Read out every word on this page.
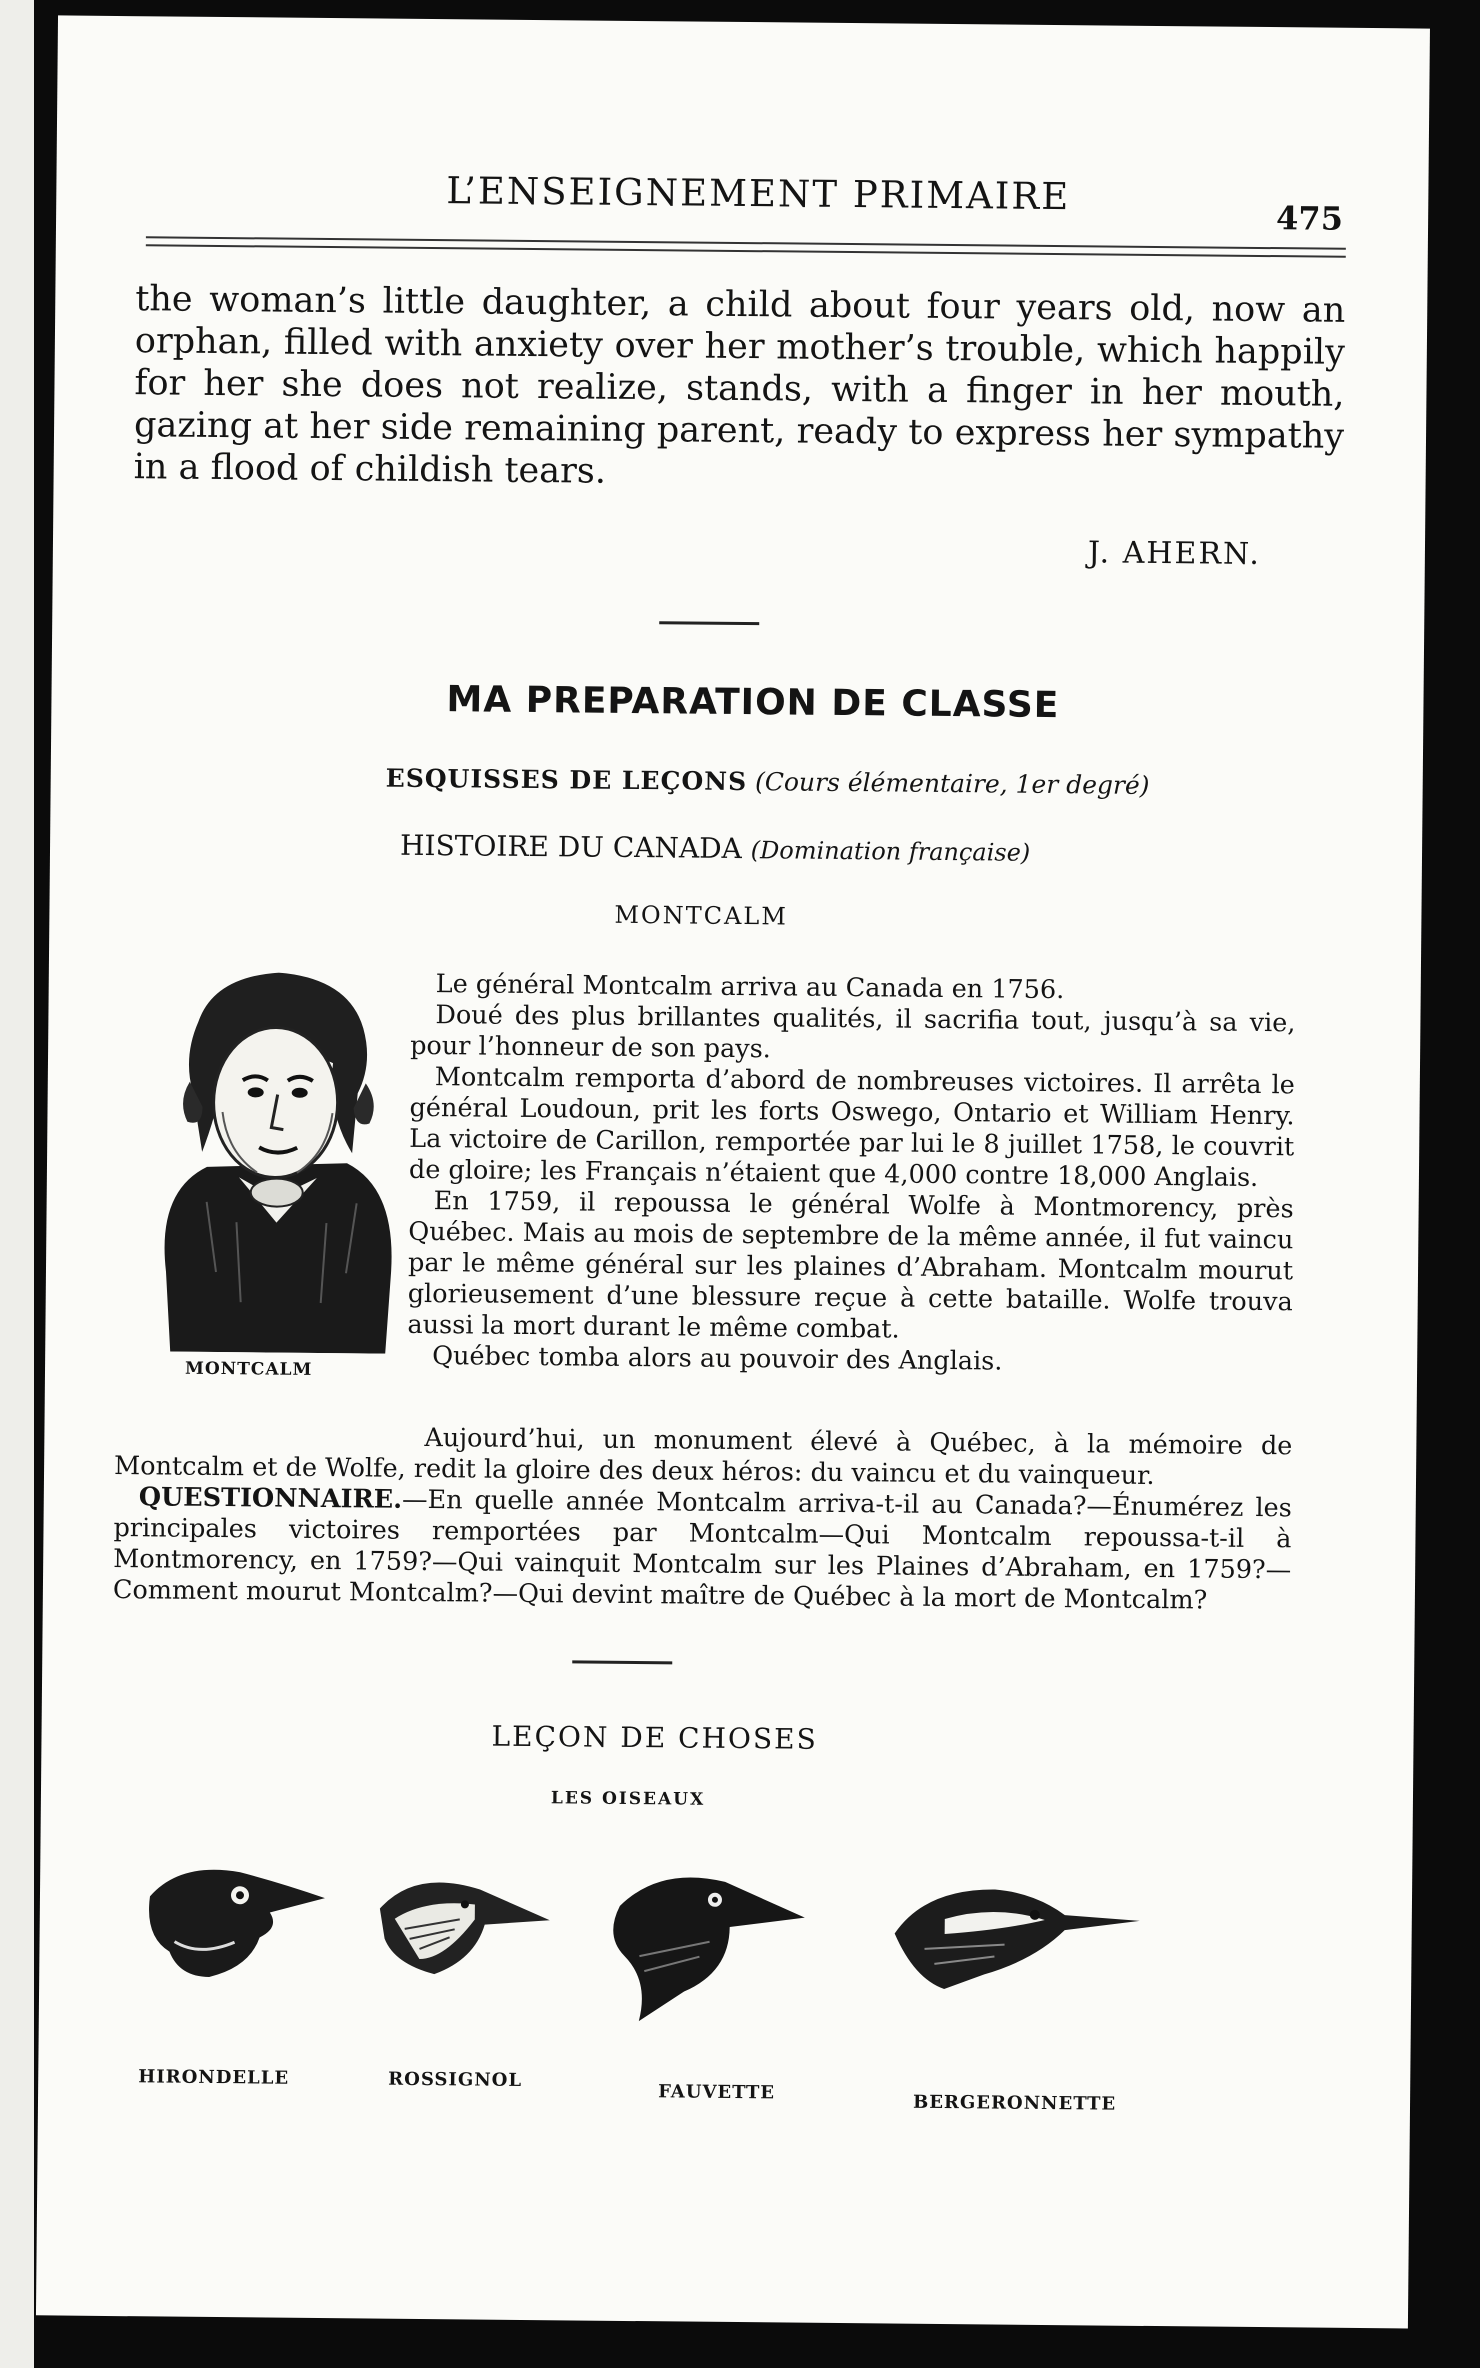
L’ENSEIGNEMENT PRIMAIRE
475
the woman’s little daughter, a child about four years old, now an orphan, filled with anxiety over her mother’s trouble, which happily for her she does not realize, stands, with a finger in her mouth, gazing at her side remaining parent, ready to express her sympathy in a flood of childish tears.
J. AHERN.
MA PREPARATION DE CLASSE
ESQUISSES DE LEÇONS (Cours élémentaire, 1er degré)
HISTOIRE DU CANADA (Domination française)
MONTCALM
MONTCALM

Le général Montcalm arriva au Canada en 1756.

Doué des plus brillantes qualités, il sacrifia tout, jusqu’à sa vie, pour l’honneur de son pays.

Montcalm remporta d’abord de nombreuses victoires. Il arrêta le général Loudoun, prit les forts Oswego, Ontario et William Henry. La victoire de Carillon, remportée par lui le 8 juillet 1758, le couvrit de gloire; les Français n’étaient que 4,000 contre 18,000 Anglais.

En 1759, il repoussa le général Wolfe à Montmorency, près Québec. Mais au mois de septembre de la même année, il fut vaincu par le même général sur les plaines d’Abraham. Montcalm mourut glorieusement d’une blessure reçue à cette bataille. Wolfe trouva aussi la mort durant le même combat.

Québec tomba alors au pouvoir des Anglais.

Aujourd’hui, un monument élevé à Québec, à la mémoire de Montcalm et de Wolfe, redit la gloire des deux héros: du vaincu et du vainqueur.

QUESTIONNAIRE.—En quelle année Montcalm arriva-t-il au Canada?—Énumérez les principales victoires remportées par Montcalm—Qui Montcalm repoussa-t-il à Montmorency, en 1759?—Qui vainquit Montcalm sur les Plaines d’Abraham, en 1759?—Comment mourut Montcalm?—Qui devint maître de Québec à la mort de Montcalm?

LEÇON DE CHOSES
LES OISEAUX
HIRONDELLE	ROSSIGNOL
FAUVETTE	BERGERONNETTE
